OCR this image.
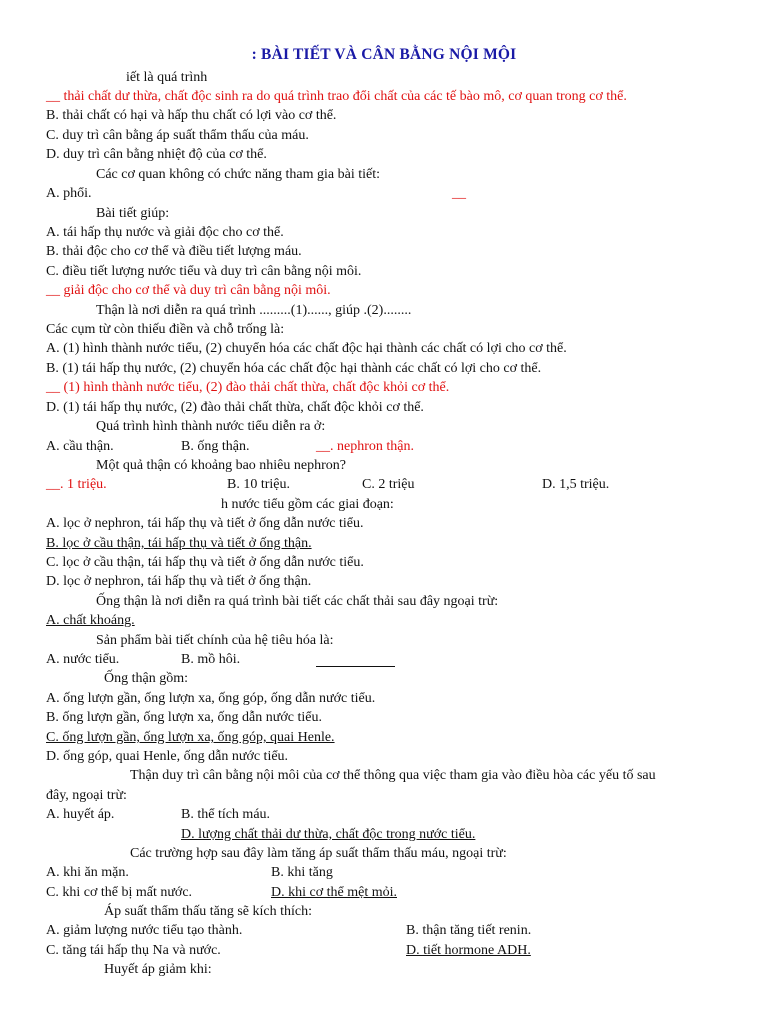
: BÀI TIẾT VÀ CÂN BẰNG NỘI MỘI
iết là quá trình
__ thải chất dư thừa, chất độc sinh ra do quá trình trao đổi chất của các tế bào mô, cơ quan trong cơ thể.
B. thải chất có hại và hấp thu chất có lợi vào cơ thể.
C. duy trì cân bằng áp suất thẩm thấu của máu.
D. duy trì cân bằng nhiệt độ của cơ thể.
Các cơ quan không có chức năng tham gia bài tiết:
A. phổi.	__
Bài tiết giúp:
A. tái hấp thụ nước và giải độc cho cơ thể.
B. thải độc cho cơ thể và điều tiết lượng máu.
C. điều tiết lượng nước tiểu và duy trì cân bằng nội môi.
__ giải độc cho cơ thể và duy trì cân bằng nội môi.
Thận là nơi diễn ra quá trình .........(1)......, giúp .(2)........
Các cụm từ còn thiếu điền và chỗ trống là:
A. (1) hình thành nước tiểu, (2) chuyển hóa các chất độc hại thành các chất có lợi cho cơ thể.
B. (1) tái hấp thụ nước, (2) chuyển hóa các chất độc hại thành các chất có lợi cho cơ thể.
__ (1) hình thành nước tiểu, (2) đào thải chất thừa, chất độc khỏi cơ thể.
D. (1) tái hấp thụ nước, (2) đào thải chất thừa, chất độc khỏi cơ thể.
Quá trình hình thành nước tiểu diễn ra ở:
A. cầu thận.	B. ống thận.	__. nephron thận.
Một quả thận có khoảng bao nhiêu nephron?
__. 1 triệu.	B. 10 triệu.	C. 2 triệu	D. 1,5 triệu.
h nước tiểu gồm các giai đoạn:
A. lọc ở nephron, tái hấp thụ và tiết ở ống dẫn nước tiểu.
B. lọc ở cầu thận, tái hấp thụ và tiết ở ống thận.
C. lọc ở cầu thận, tái hấp thụ và tiết ở ống dẫn nước tiểu.
D. lọc ở nephron, tái hấp thụ và tiết ở ống thận.
Ống thận là nơi diễn ra quá trình bài tiết các chất thải sau đây ngoại trừ:
A. chất khoáng.
Sản phẩm bài tiết chính của hệ tiêu hóa là:
A. nước tiểu.	B. mồ hôi.
Ống thận gồm:
A. ống lượn gần, ống lượn xa, ống góp, ống dẫn nước tiểu.
B. ống lượn gần, ống lượn xa, ống dẫn nước tiểu.
C. ống lượn gần, ống lượn xa, ống góp, quai Henle.
D. ống góp, quai Henle, ống dẫn nước tiểu.
Thận duy trì cân bằng nội môi của cơ thể thông qua việc tham gia vào điều hòa các yếu tố sau
đây, ngoại trừ:
A. huyết áp.	B. thể tích máu.
D. lượng chất thải dư thừa, chất độc trong nước tiểu.
Các trường hợp sau đây làm tăng áp suất thẩm thấu máu, ngoại trừ:
A. khi ăn mặn.	B. khi tăng
C. khi cơ thể bị mất nước.	D. khi cơ thể mệt mỏi.
Áp suất thẩm thấu tăng sẽ kích thích:
A. giảm lượng nước tiểu tạo thành.	B. thận tăng tiết renin.
C. tăng tái hấp thụ Na và nước.	D. tiết hormone ADH.
Huyết áp giảm khi:
